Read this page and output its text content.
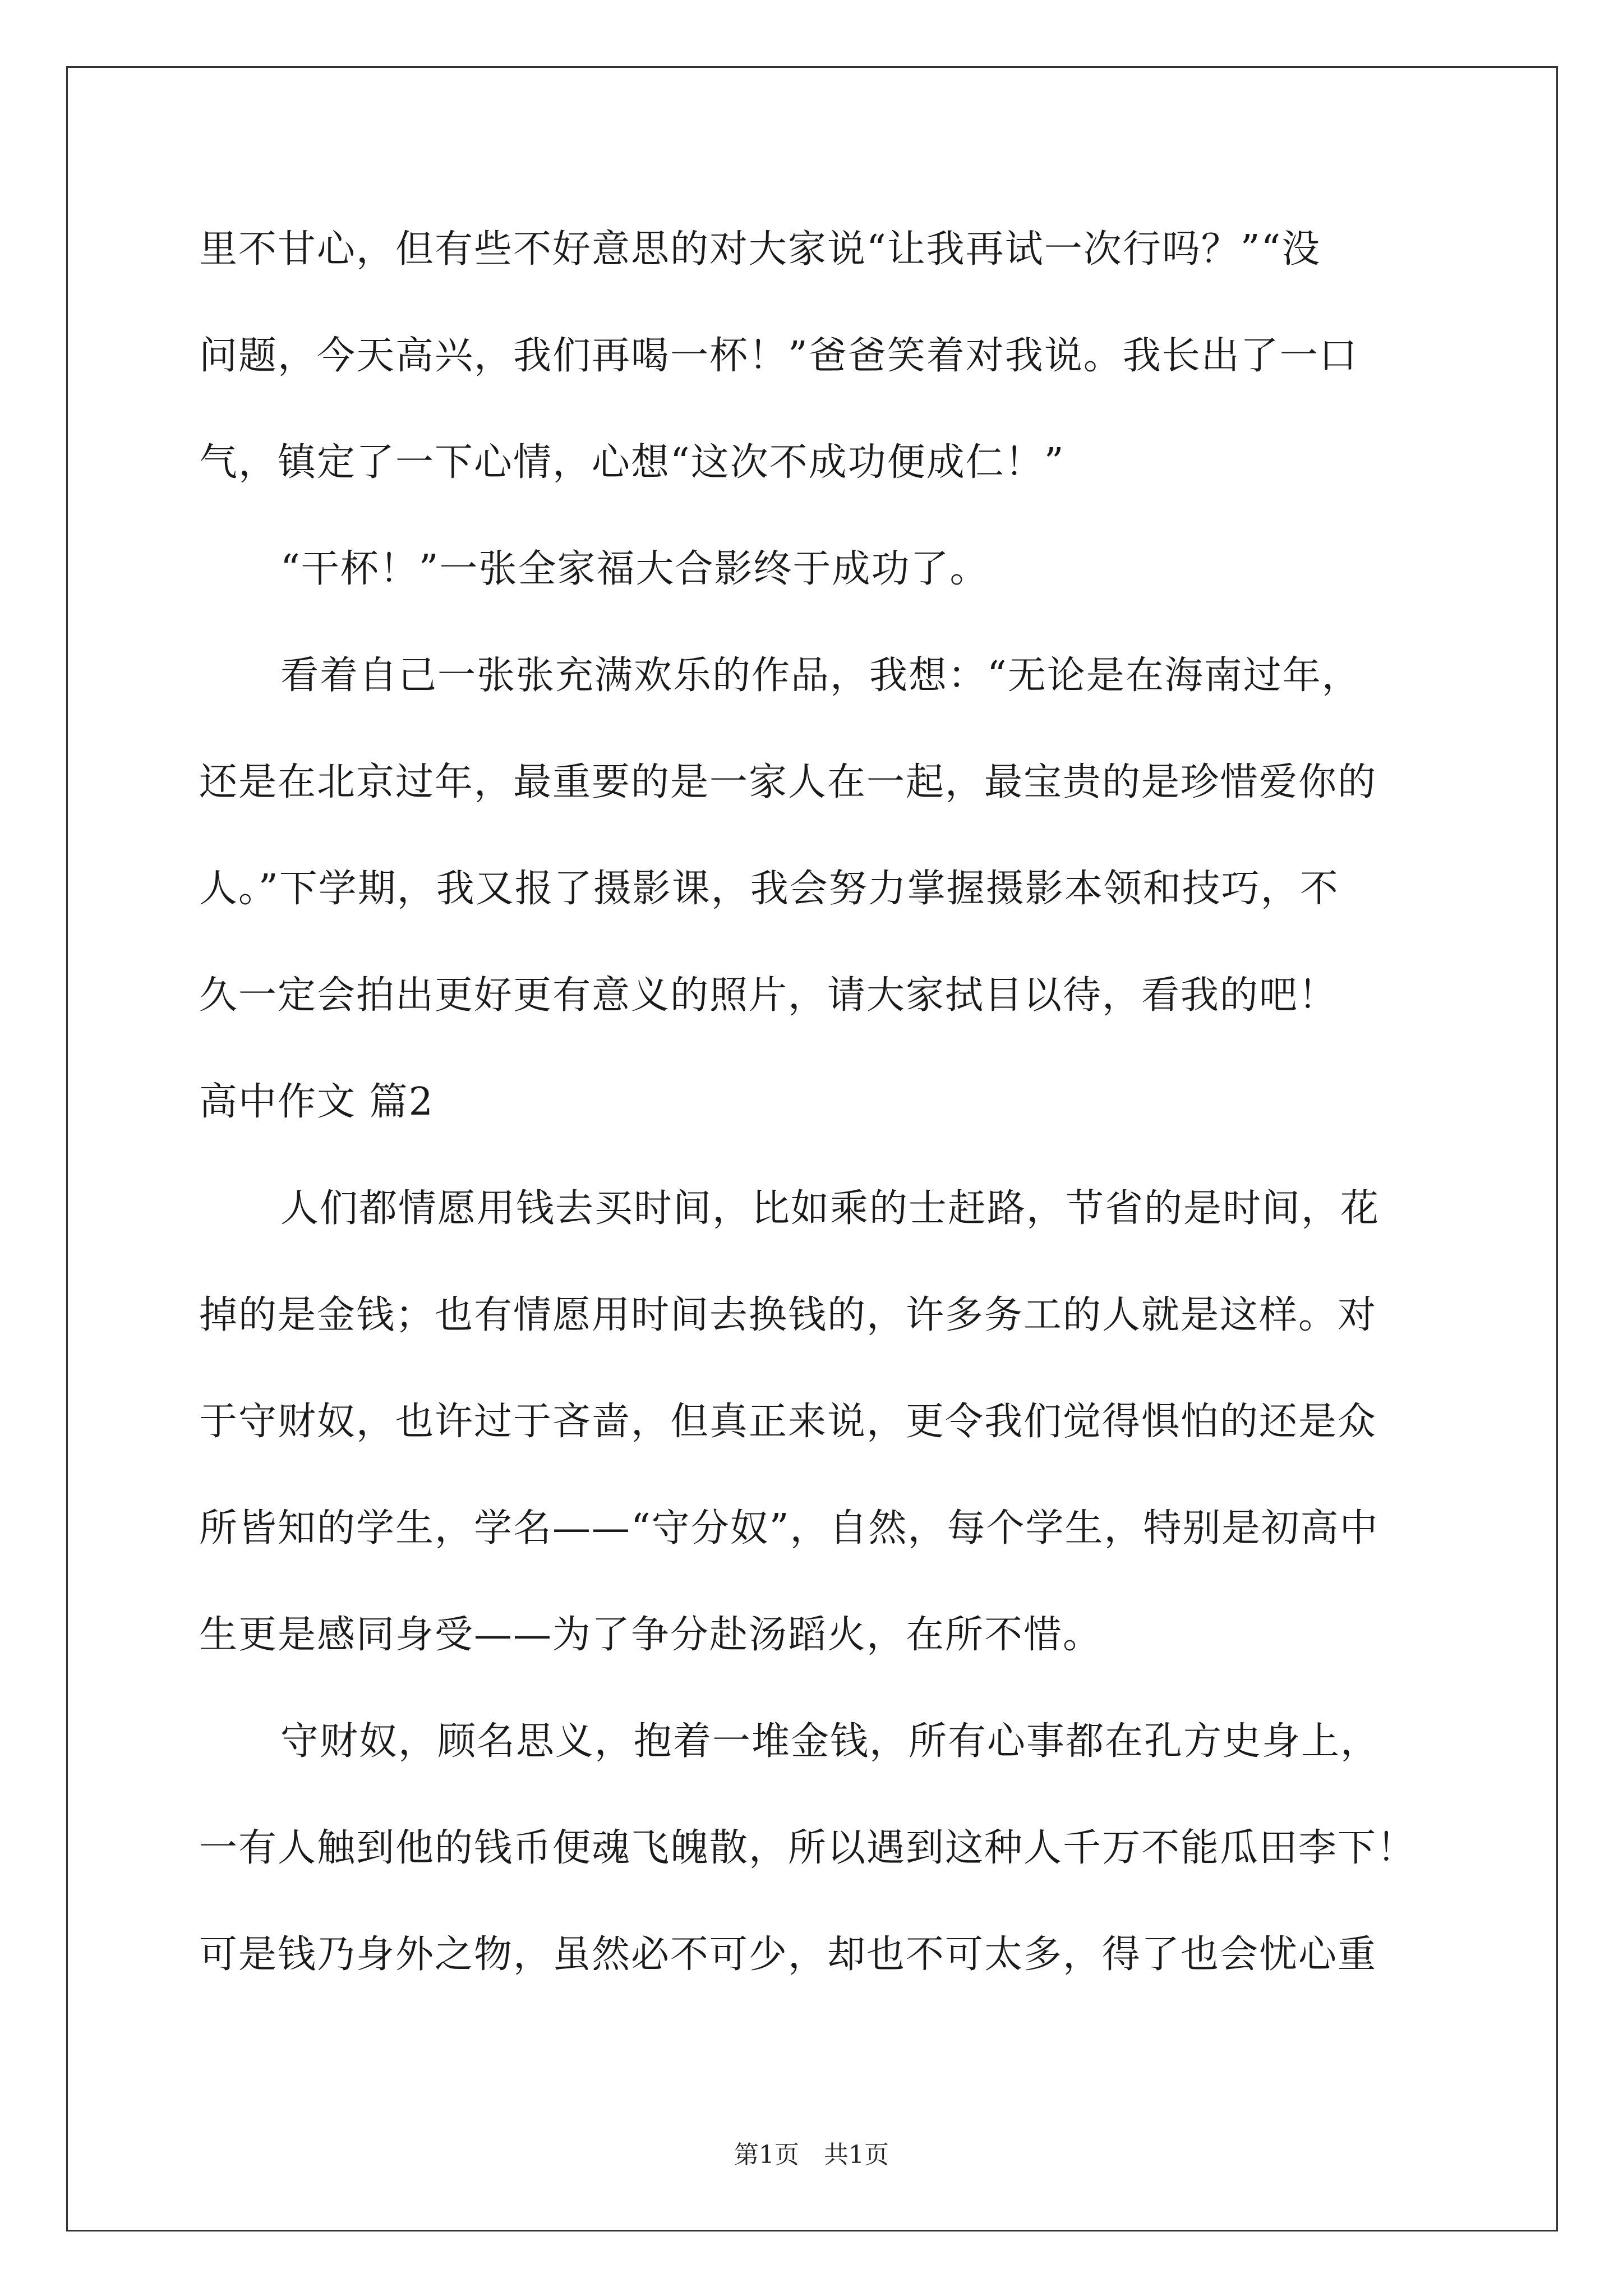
里不甘心，但有些不好意思的对大家说“让我再试一次行吗？”“没
问题，今天高兴，我们再喝一杯！”爸爸笑着对我说。我长出了一口
气，镇定了一下心情，心想“这次不成功便成仁！”
“干杯！”一张全家福大合影终于成功了。
看着自己一张张充满欢乐的作品，我想：“无论是在海南过年，
还是在北京过年，最重要的是一家人在一起，最宝贵的是珍惜爱你的
人。”下学期，我又报了摄影课，我会努力掌握摄影本领和技巧，不
久一定会拍出更好更有意义的照片，请大家拭目以待，看我的吧！
高中作文 篇2
人们都情愿用钱去买时间，比如乘的士赶路，节省的是时间，花
掉的是金钱；也有情愿用时间去换钱的，许多务工的人就是这样。对
于守财奴，也许过于吝啬，但真正来说，更令我们觉得惧怕的还是众
所皆知的学生，学名——“守分奴”，自然，每个学生，特别是初高中
生更是感同身受——为了争分赴汤蹈火，在所不惜。
守财奴，顾名思义，抱着一堆金钱，所有心事都在孔方史身上，
一有人触到他的钱币便魂飞魄散，所以遇到这种人千万不能瓜田李下！
可是钱乃身外之物，虽然必不可少，却也不可太多，得了也会忧心重
第1页　共1页
